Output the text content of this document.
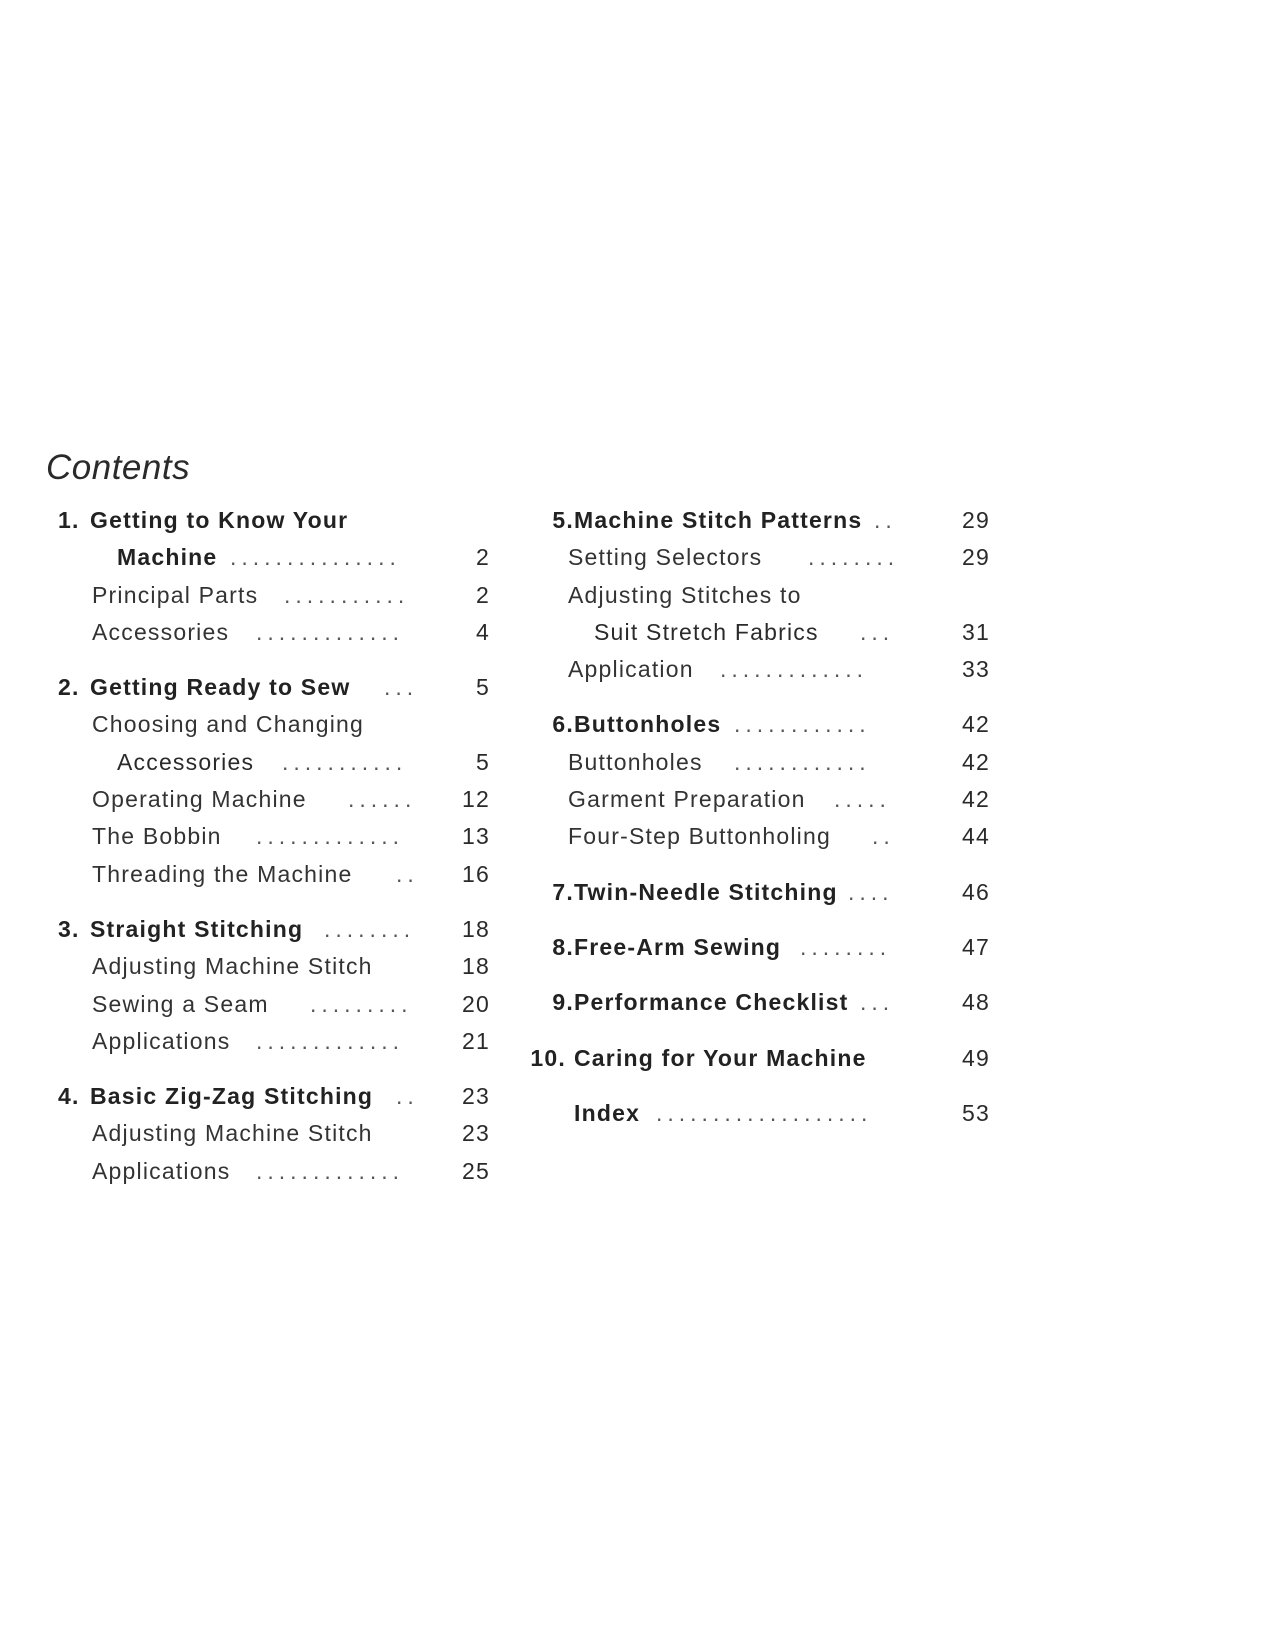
Contents
1. Getting to Know Your
Machine ...............	2
Principal Parts ...........	2
Accessories .............	4
2. Getting Ready to Sew ...	5
Choosing and Changing
Accessories ...........	5
Operating Machine ...... 12
The Bobbin .............	13
Threading the Machine .. 16
3. Straight Stitching ........ 18
Adjusting Machine Stitch	18
Sewing a Seam ......... 20
Applications .............	21
4. Basic Zig-Zag Stitching .. 23
Adjusting Machine Stitch	23
Applications .............	25
5.Machine Stitch Patterns ..	29
Setting Selectors ........	29
Adjusting Stitches to
Suit Stretch Fabrics ...	31
Application .............	33
6.Buttonholes ............	42
Buttonholes ............	42
Garment Preparation .....	42
Four-Step Buttonholing ..	44
7.Twin-Needle Stitching ....	46
8.Free-Arm Sewing ........	47
9.Performance Checklist ...	48
10. Caring for Your Machine	49
Index ...................	53
